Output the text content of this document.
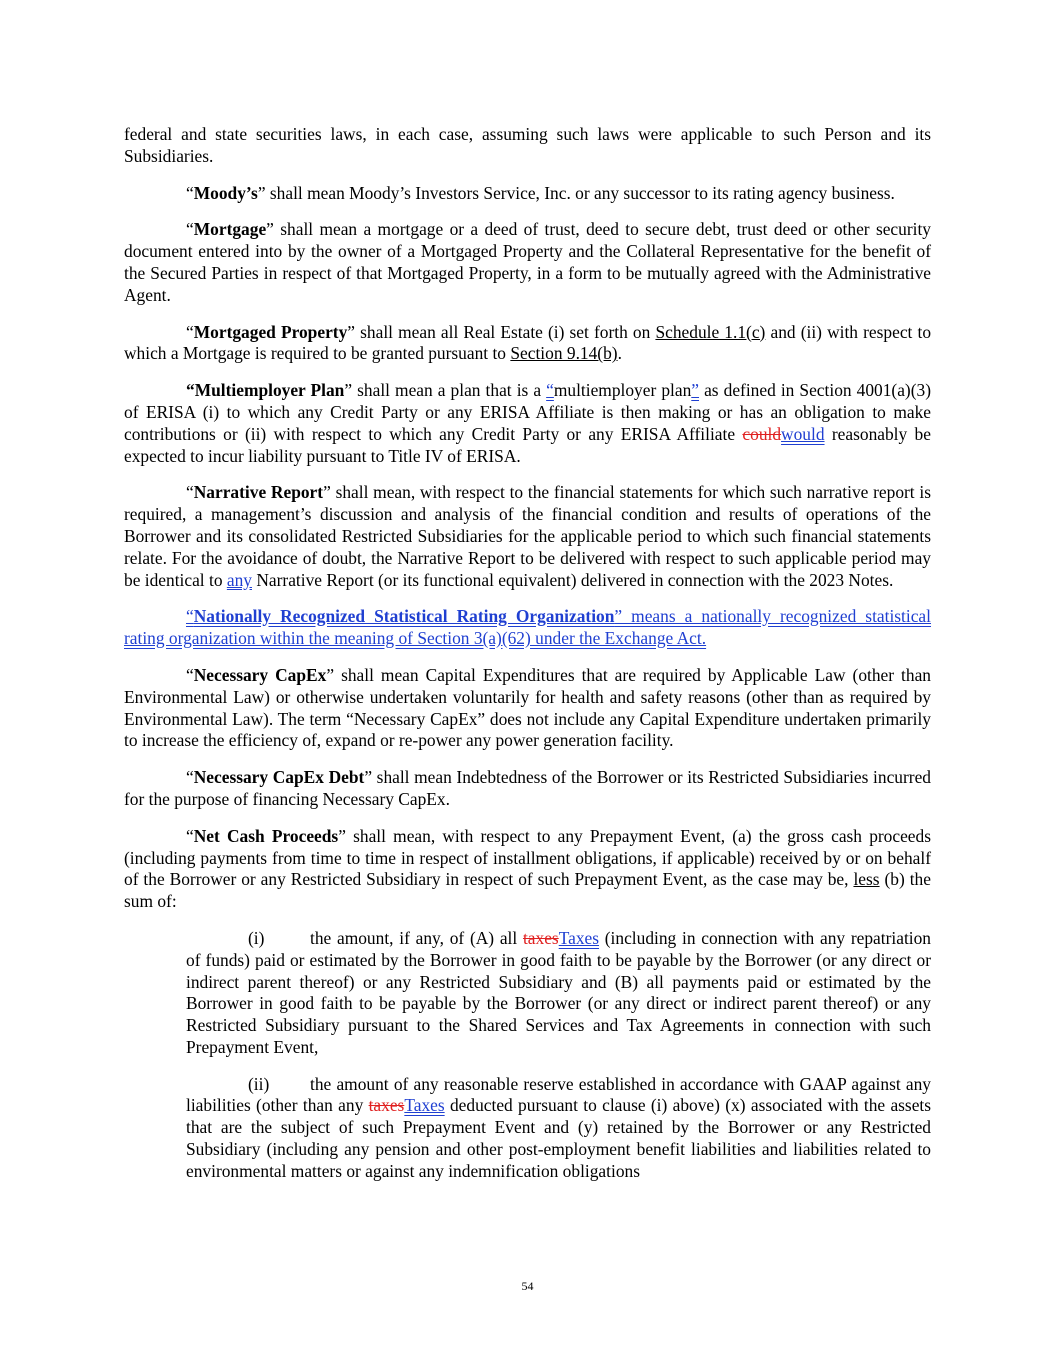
federal and state securities laws, in each case, assuming such laws were applicable to such Person and its Subsidiaries.

“Moody’s” shall mean Moody’s Investors Service, Inc. or any successor to its rating agency business.

“Mortgage” shall mean a mortgage or a deed of trust, deed to secure debt, trust deed or other security document entered into by the owner of a Mortgaged Property and the Collateral Representative for the benefit of the Secured Parties in respect of that Mortgaged Property, in a form to be mutually agreed with the Administrative Agent.

“Mortgaged Property” shall mean all Real Estate (i) set forth on Schedule 1.1(c) and (ii) with respect to which a Mortgage is required to be granted pursuant to Section 9.14(b).

“Multiemployer Plan” shall mean a plan that is a “multiemployer plan” as defined in Section 4001(a)(3) of ERISA (i) to which any Credit Party or any ERISA Affiliate is then making or has an obligation to make contributions or (ii) with respect to which any Credit Party or any ERISA Affiliate couldwould reasonably be expected to incur liability pursuant to Title IV of ERISA.

“Narrative Report” shall mean, with respect to the financial statements for which such narrative report is required, a management’s discussion and analysis of the financial condition and results of operations of the Borrower and its consolidated Restricted Subsidiaries for the applicable period to which such financial statements relate. For the avoidance of doubt, the Narrative Report to be delivered with respect to such applicable period may be identical to any Narrative Report (or its functional equivalent) delivered in connection with the 2023 Notes.

“Nationally Recognized Statistical Rating Organization” means a nationally recognized statistical rating organization within the meaning of Section 3(a)(62) under the Exchange Act.

“Necessary CapEx” shall mean Capital Expenditures that are required by Applicable Law (other than Environmental Law) or otherwise undertaken voluntarily for health and safety reasons (other than as required by Environmental Law). The term “Necessary CapEx” does not include any Capital Expenditure undertaken primarily to increase the efficiency of, expand or re-power any power generation facility.

“Necessary CapEx Debt” shall mean Indebtedness of the Borrower or its Restricted Subsidiaries incurred for the purpose of financing Necessary CapEx.

“Net Cash Proceeds” shall mean, with respect to any Prepayment Event, (a) the gross cash proceeds (including payments from time to time in respect of installment obligations, if applicable) received by or on behalf of the Borrower or any Restricted Subsidiary in respect of such Prepayment Event, as the case may be, less (b) the sum of:

(i)	the amount, if any, of (A) all taxesTaxes (including in connection with any repatriation of funds) paid or estimated by the Borrower in good faith to be payable by the Borrower (or any direct or indirect parent thereof) or any Restricted Subsidiary and (B) all payments paid or estimated by the Borrower in good faith to be payable by the Borrower (or any direct or indirect parent thereof) or any Restricted Subsidiary pursuant to the Shared Services and Tax Agreements in connection with such Prepayment Event,

(ii) the amount of any reasonable reserve established in accordance with GAAP against any liabilities (other than any taxesTaxes deducted pursuant to clause (i) above) (x) associated with the assets that are the subject of such Prepayment Event and (y) retained by the Borrower or any Restricted Subsidiary (including any pension and other post-employment benefit liabilities and liabilities related to environmental matters or against any indemnification obligations

54
